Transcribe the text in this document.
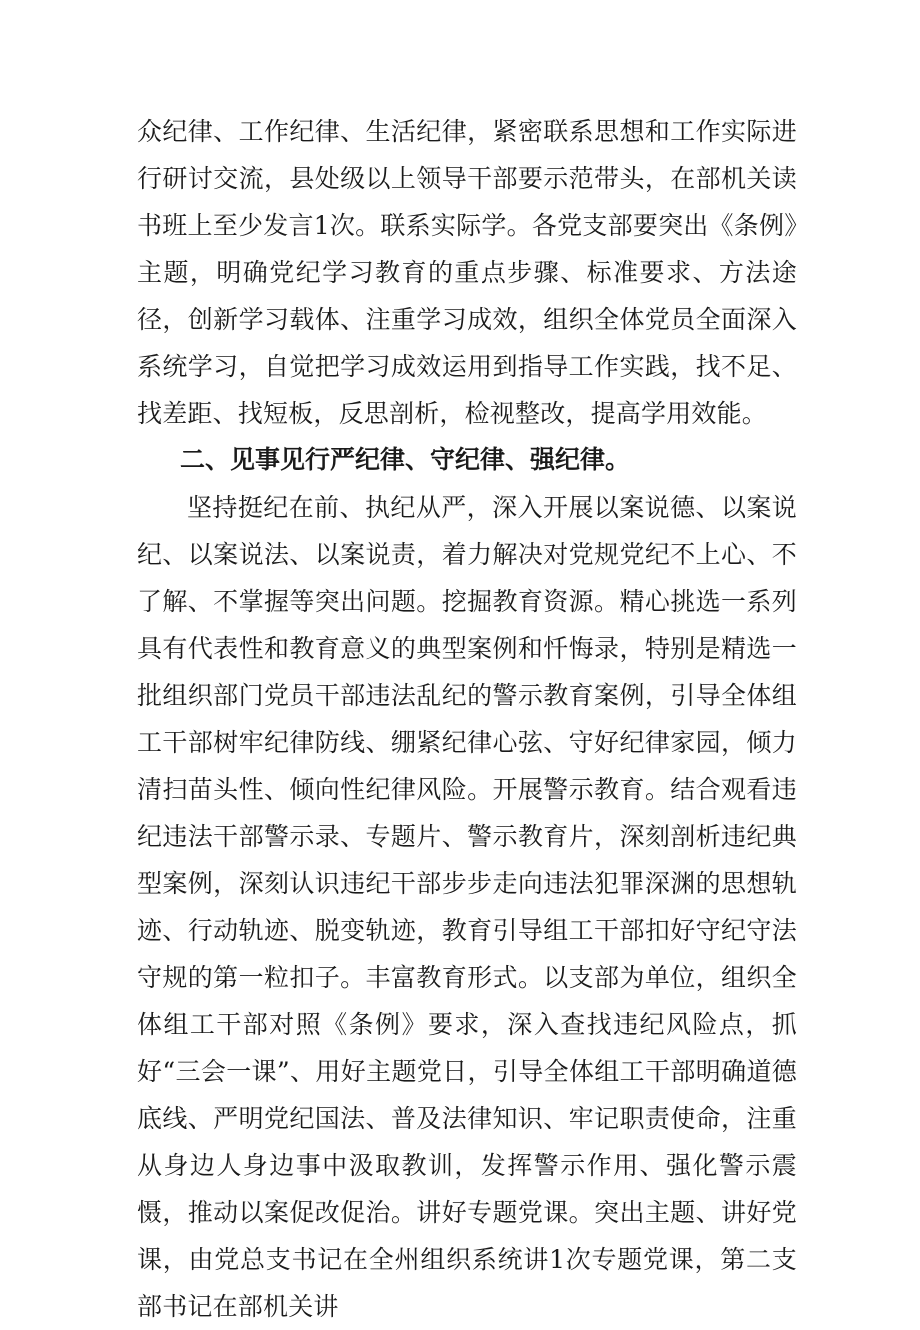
众纪律、工作纪律、生活纪律，紧密联系思想和工作实际进行研讨交流，县处级以上领导干部要示范带头，在部机关读书班上至少发言1次。联系实际学。各党支部要突出《条例》主题，明确党纪学习教育的重点步骤、标准要求、方法途径，创新学习载体、注重学习成效，组织全体党员全面深入系统学习，自觉把学习成效运用到指导工作实践，找不足、找差距、找短板，反思剖析，检视整改，提高学用效能。

二、见事见行严纪律、守纪律、强纪律。

坚持挺纪在前、执纪从严，深入开展以案说德、以案说纪、以案说法、以案说责，着力解决对党规党纪不上心、不了解、不掌握等突出问题。挖掘教育资源。精心挑选一系列具有代表性和教育意义的典型案例和忏悔录，特别是精选一批组织部门党员干部违法乱纪的警示教育案例，引导全体组工干部树牢纪律防线、绷紧纪律心弦、守好纪律家园，倾力清扫苗头性、倾向性纪律风险。开展警示教育。结合观看违纪违法干部警示录、专题片、警示教育片，深刻剖析违纪典型案例，深刻认识违纪干部步步走向违法犯罪深渊的思想轨迹、行动轨迹、脱变轨迹，教育引导组工干部扣好守纪守法守规的第一粒扣子。丰富教育形式。以支部为单位，组织全体组工干部对照《条例》要求，深入查找违纪风险点，抓好“三会一课”、用好主题党日，引导全体组工干部明确道德底线、严明党纪国法、普及法律知识、牢记职责使命，注重从身边人身边事中汲取教训，发挥警示作用、强化警示震慑，推动以案促改促治。讲好专题党课。突出主题、讲好党课，由党总支书记在全州组织系统讲1次专题党课，第二支部书记在部机关讲
